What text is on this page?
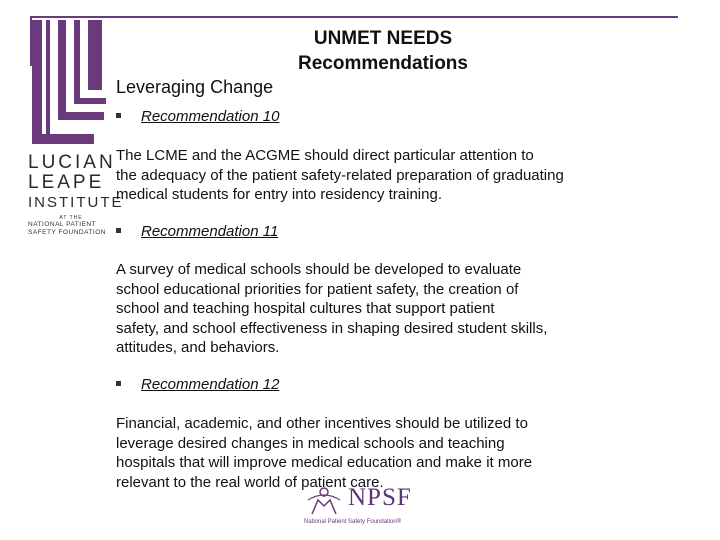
LUCIAN
LEAPE
INSTITUTE
AT THE
NATIONAL PATIENT
SAFETY FOUNDATION
UNMET NEEDS
Recommendations
Leveraging Change
Recommendation 10
The LCME and the ACGME should direct particular attention to
the adequacy of the patient safety-related preparation of graduating
medical students for entry into residency training.
Recommendation 11
A survey of medical schools should be developed to evaluate
school educational priorities for patient safety, the creation of
school and teaching hospital cultures that support patient
safety, and school effectiveness in shaping desired student skills,
attitudes, and behaviors.
Recommendation 12
Financial, academic, and other incentives should be utilized to
leverage desired changes in medical schools and teaching
hospitals that will improve medical education and make it more
relevant to the real world of patient care.
NPSF
National Patient Safety Foundation®
